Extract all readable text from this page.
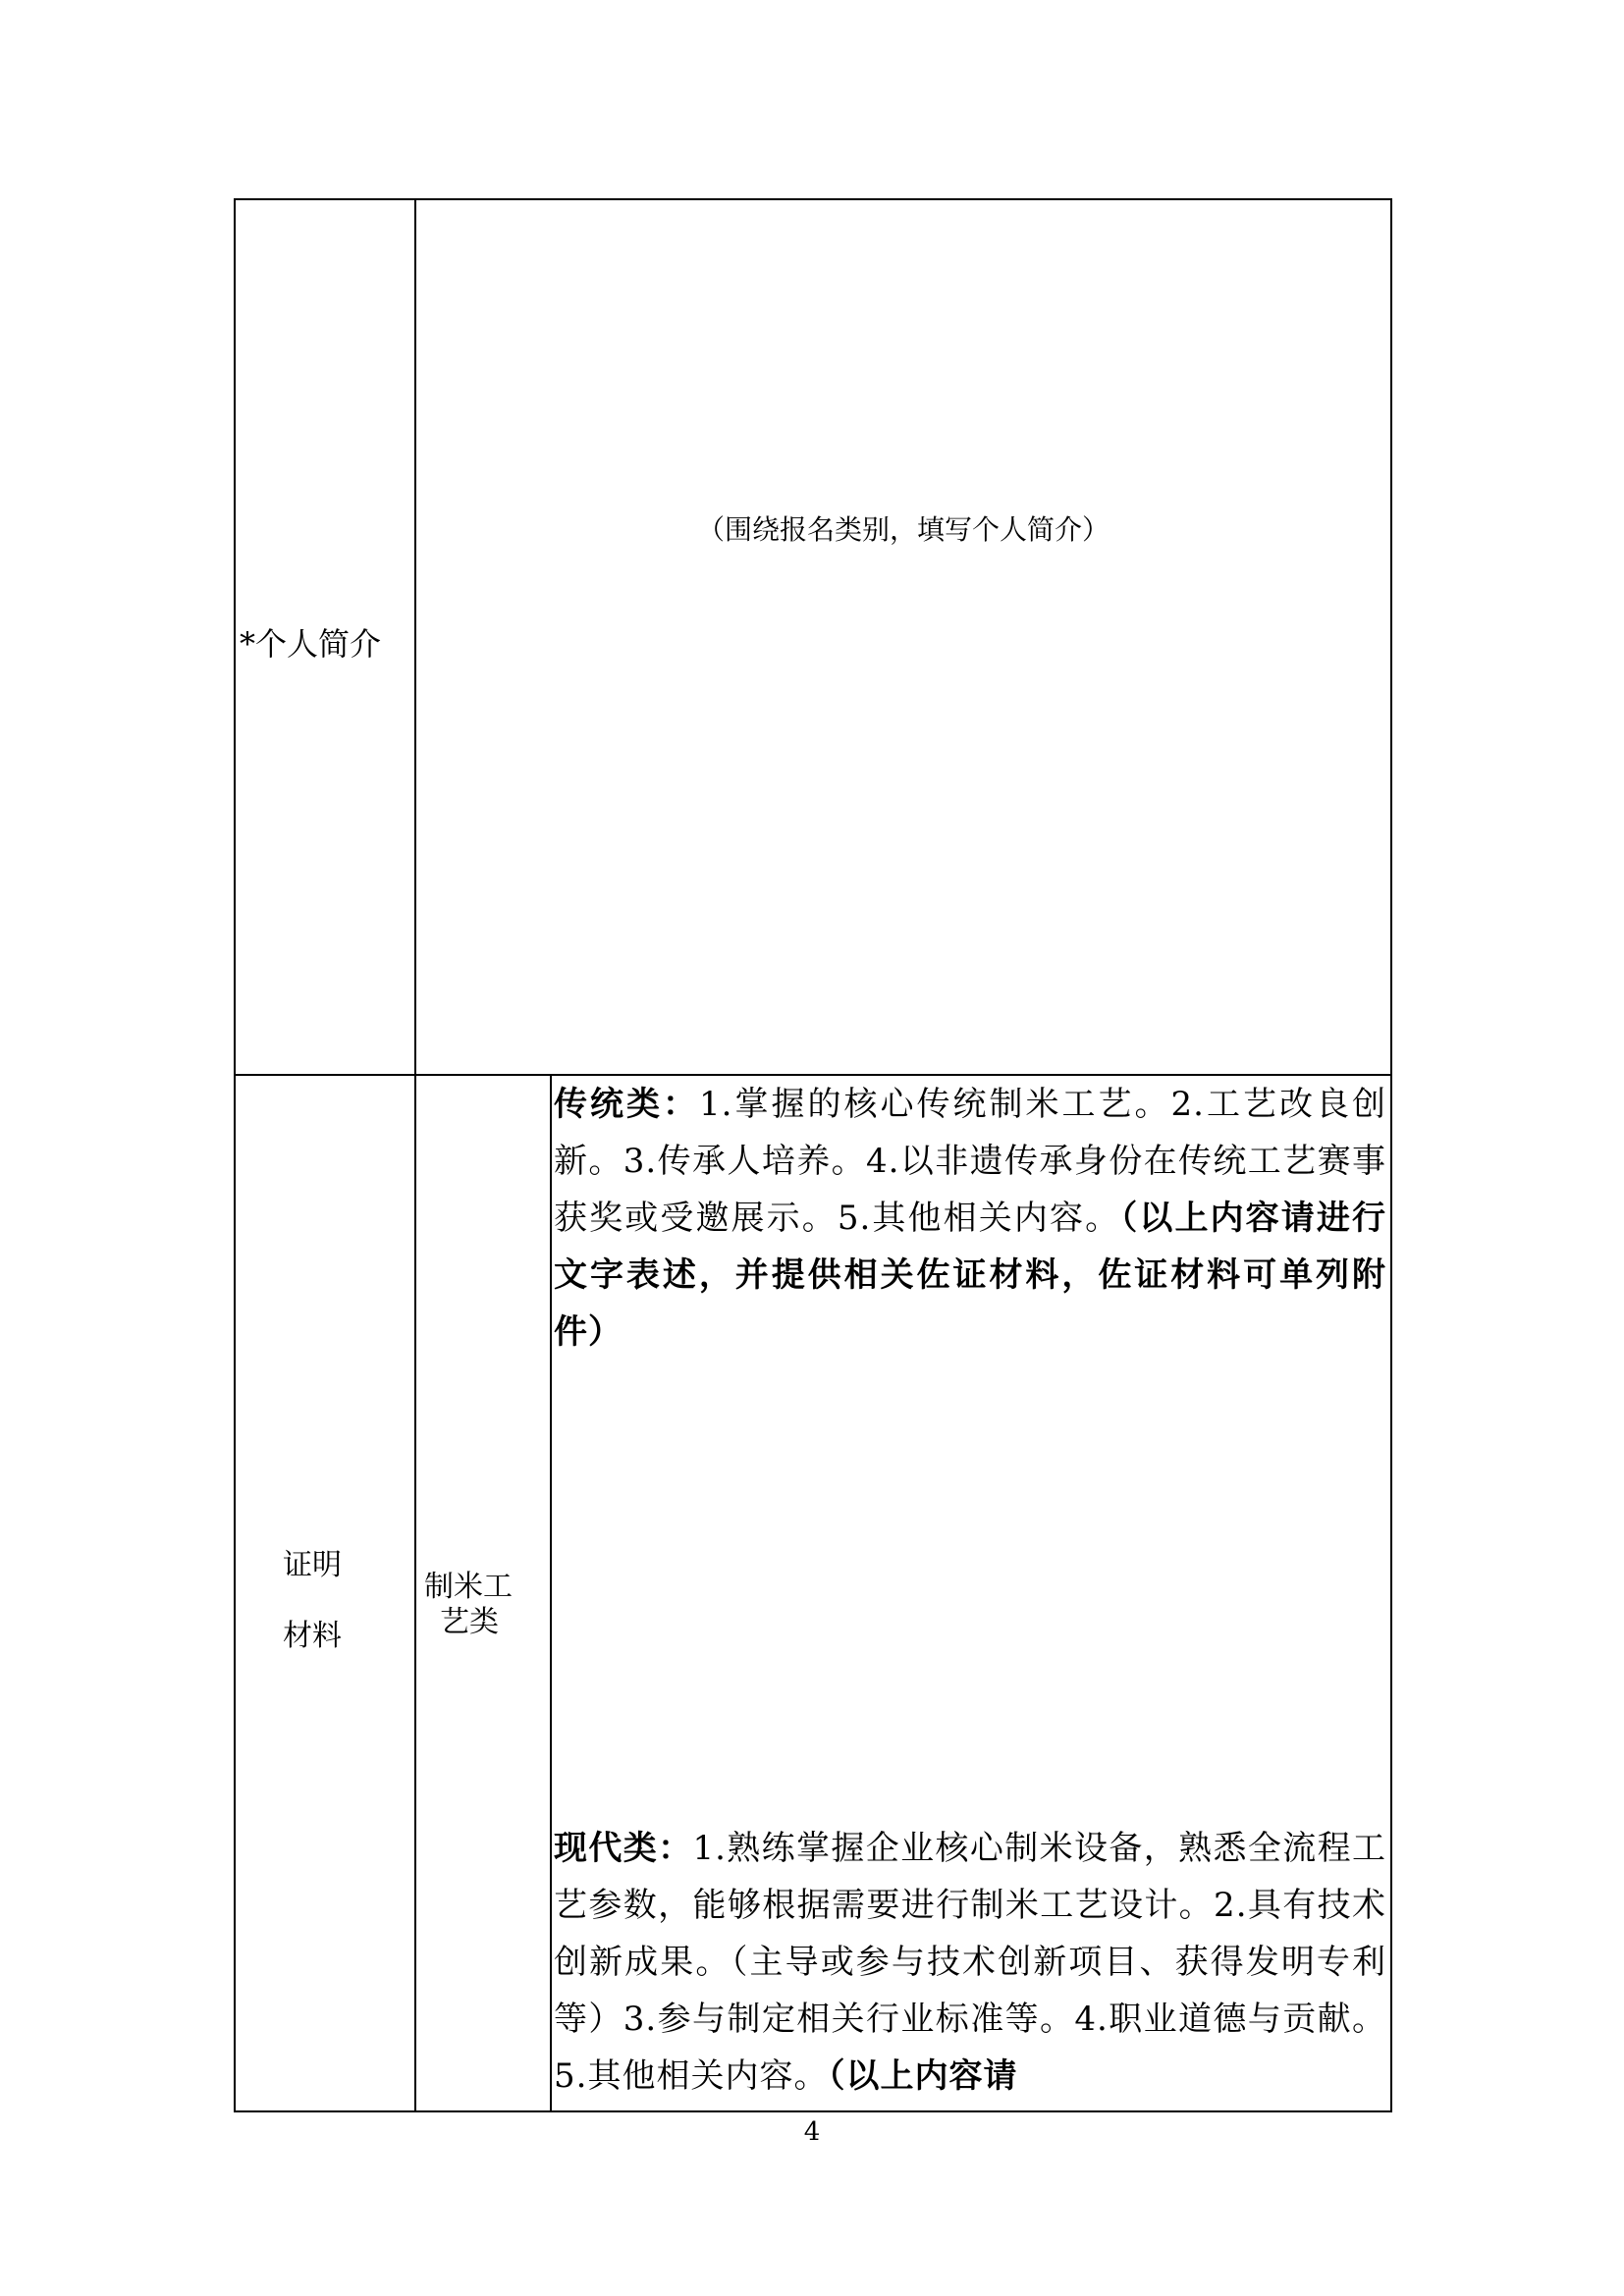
*个人简介
（围绕报名类别，填写个人简介）
证明
材料
制米工
艺类

传统类：1.掌握的核心传统制米工艺。2.工艺改良创新。3.传承人培养。4.以非遗传承身份在传统工艺赛事获奖或受邀展示。5.其他相关内容。（以上内容请进行文字表述，并提供相关佐证材料，佐证材料可单列附件）

现代类：1.熟练掌握企业核心制米设备，熟悉全流程工艺参数，能够根据需要进行制米工艺设计。2.具有技术创新成果。（主导或参与技术创新项目、获得发明专利等）3.参与制定相关行业标准等。4.职业道德与贡献。5.其他相关内容。（以上内容请

4
